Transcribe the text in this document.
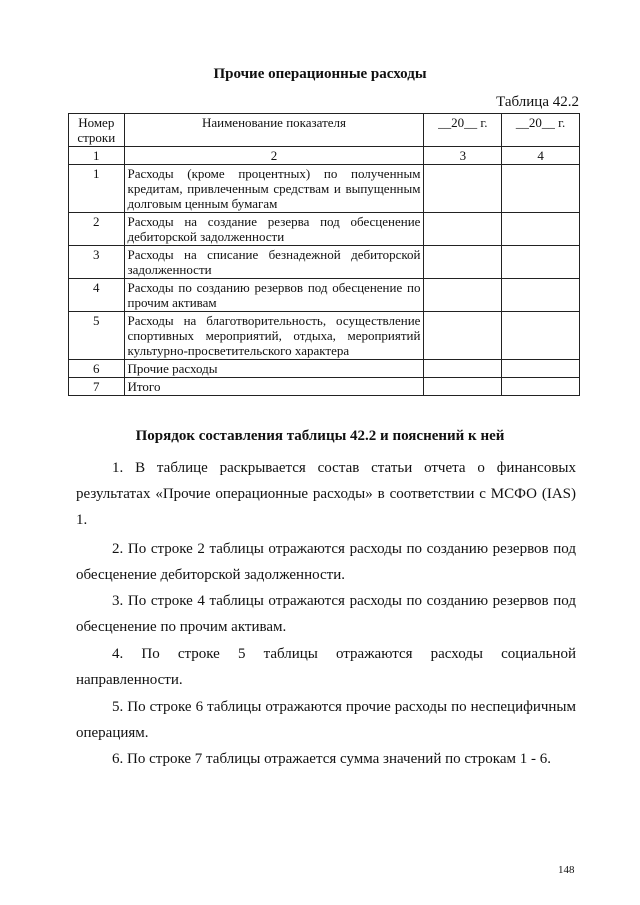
Прочие операционные расходы
Таблица 42.2
Номер строки	Наименование показателя	__20__ г.	__20__ г.
1	2	3	4
1	Расходы (кроме процентных) по полученным кредитам, привлеченным средствам и выпущенным долговым ценным бумагам		
2	Расходы на создание резерва под обесценение дебиторской задолженности		
3	Расходы на списание безнадежной дебиторской задолженности		
4	Расходы по созданию резервов под обесценение по прочим активам		
5	Расходы на благотворительность, осуществление спортивных мероприятий, отдыха, мероприятий культурно-просветительского характера		
6	Прочие расходы		
7	Итого		
Порядок составления таблицы 42.2 и пояснений к ней

1. В таблице раскрывается состав статьи отчета о финансовых результатах «Прочие операционные расходы» в соответствии с МСФО (IAS) 1.

2. По строке 2 таблицы отражаются расходы по созданию резервов под обесценение дебиторской задолженности.

3. По строке 4 таблицы отражаются расходы по созданию резервов под обесценение по прочим активам.

4. По строке 5 таблицы отражаются расходы социальной направленности.

5. По строке 6 таблицы отражаются прочие расходы по неспецифичным операциям.

6. По строке 7 таблицы отражается сумма значений по строкам 1 - 6.

148
